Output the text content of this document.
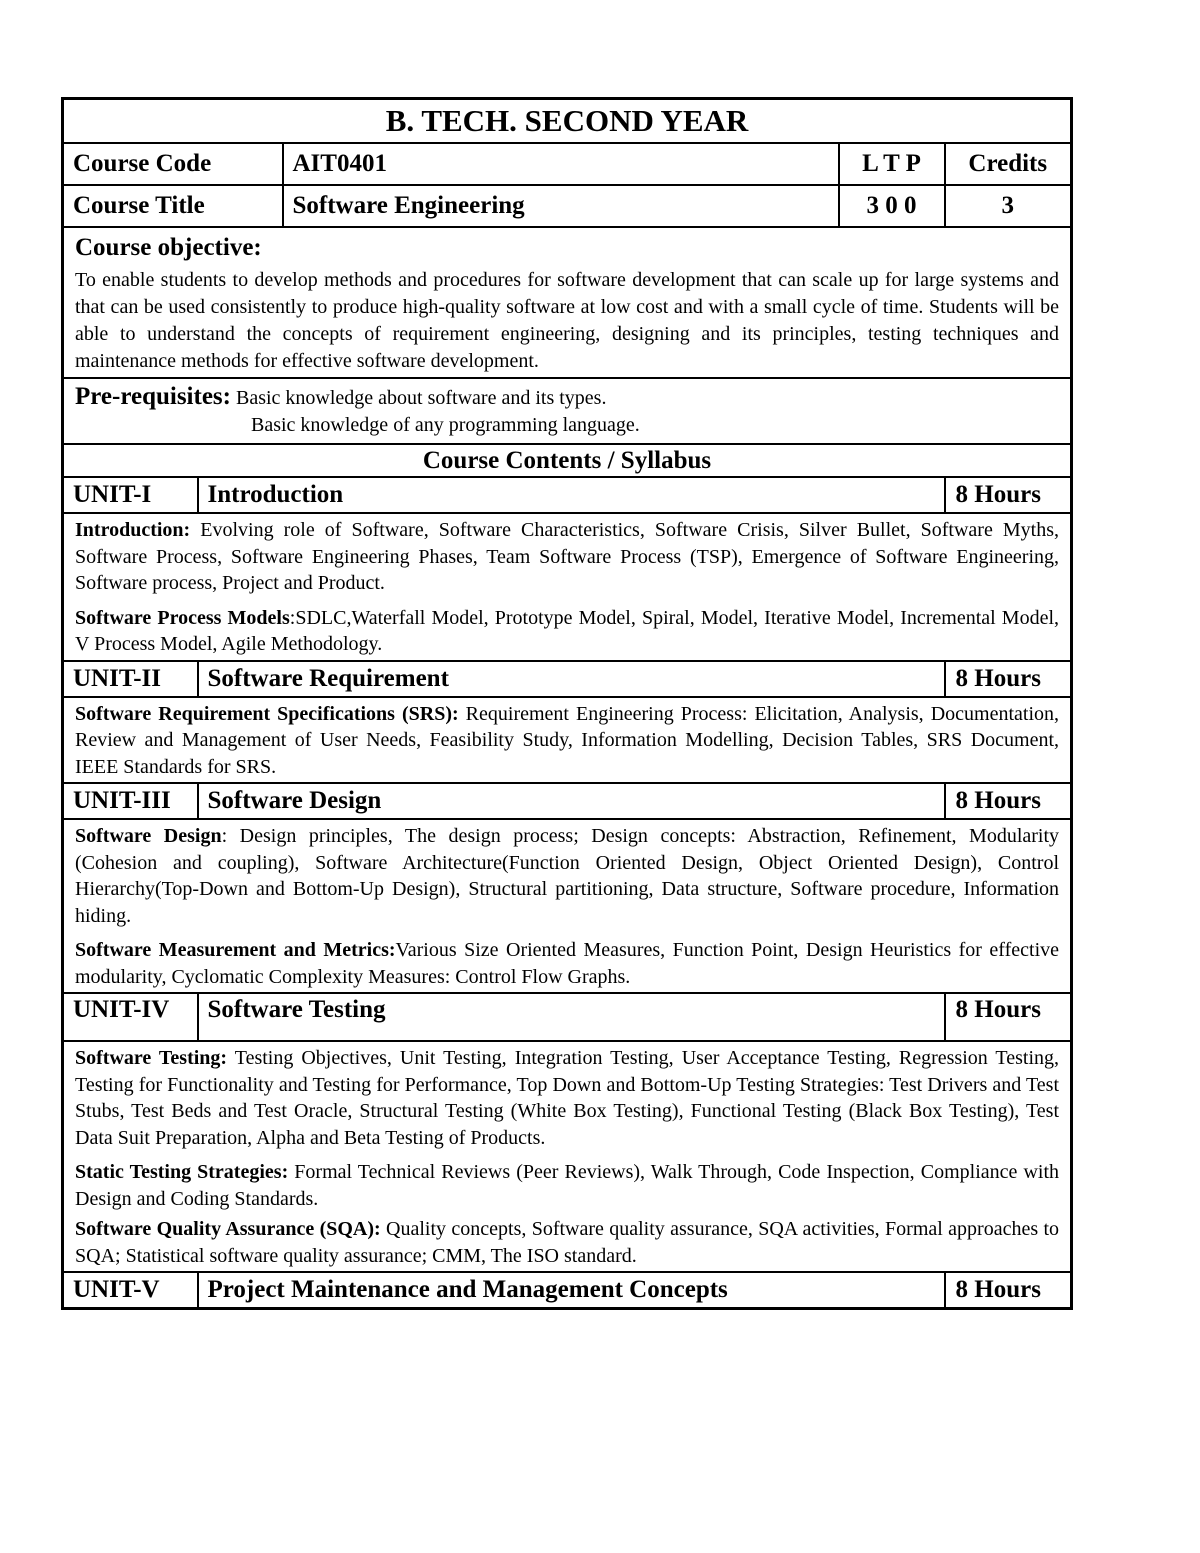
B. TECH. SECOND YEAR				
Course Code		AIT0401	L T P	Credits
Course Title		Software Engineering	3 0 0	3

Course objective:
To enable students to develop methods and procedures for software development that can scale up for large systems and that can be used consistently to produce high-quality software at low cost and with a small cycle of time. Students will be able to understand the concepts of requirement engineering, designing and its principles, testing techniques and maintenance methods for effective software development.				

Pre-requisites: Basic knowledge about software and its types.
Basic knowledge of any programming language.				

Course Contents / Syllabus				
UNIT-I	Introduction			8 Hours

Introduction: Evolving role of Software, Software Characteristics, Software Crisis, Silver Bullet, Software Myths, Software Process, Software Engineering Phases, Team Software Process (TSP), Emergence of Software Engineering, Software process, Project and Product.

Software Process Models:SDLC,Waterfall Model, Prototype Model, Spiral, Model, Iterative Model, Incremental Model, V Process Model, Agile Methodology.				

UNIT-II	Software Requirement			8 Hours

Software Requirement Specifications (SRS): Requirement Engineering Process: Elicitation, Analysis, Documentation, Review and Management of User Needs, Feasibility Study, Information Modelling, Decision Tables, SRS Document, IEEE Standards for SRS.				

UNIT-III	Software Design			8 Hours

Software Design: Design principles, The design process; Design concepts: Abstraction, Refinement, Modularity (Cohesion and coupling), Software Architecture(Function Oriented Design, Object Oriented Design), Control Hierarchy(Top-Down and Bottom-Up Design), Structural partitioning, Data structure, Software procedure, Information hiding.

Software Measurement and Metrics:Various Size Oriented Measures, Function Point, Design Heuristics for effective modularity, Cyclomatic Complexity Measures: Control Flow Graphs.				

UNIT-IV	Software Testing			8 Hours

Software Testing: Testing Objectives, Unit Testing, Integration Testing, User Acceptance Testing, Regression Testing, Testing for Functionality and Testing for Performance, Top Down and Bottom-Up Testing Strategies: Test Drivers and Test Stubs, Test Beds and Test Oracle, Structural Testing (White Box Testing), Functional Testing (Black Box Testing), Test Data Suit Preparation, Alpha and Beta Testing of Products.

Static Testing Strategies: Formal Technical Reviews (Peer Reviews), Walk Through, Code Inspection, Compliance with Design and Coding Standards.

Software Quality Assurance (SQA): Quality concepts, Software quality assurance, SQA activities, Formal approaches to SQA; Statistical software quality assurance; CMM, The ISO standard.				

UNIT-V	Project Maintenance and Management Concepts			8 Hours
